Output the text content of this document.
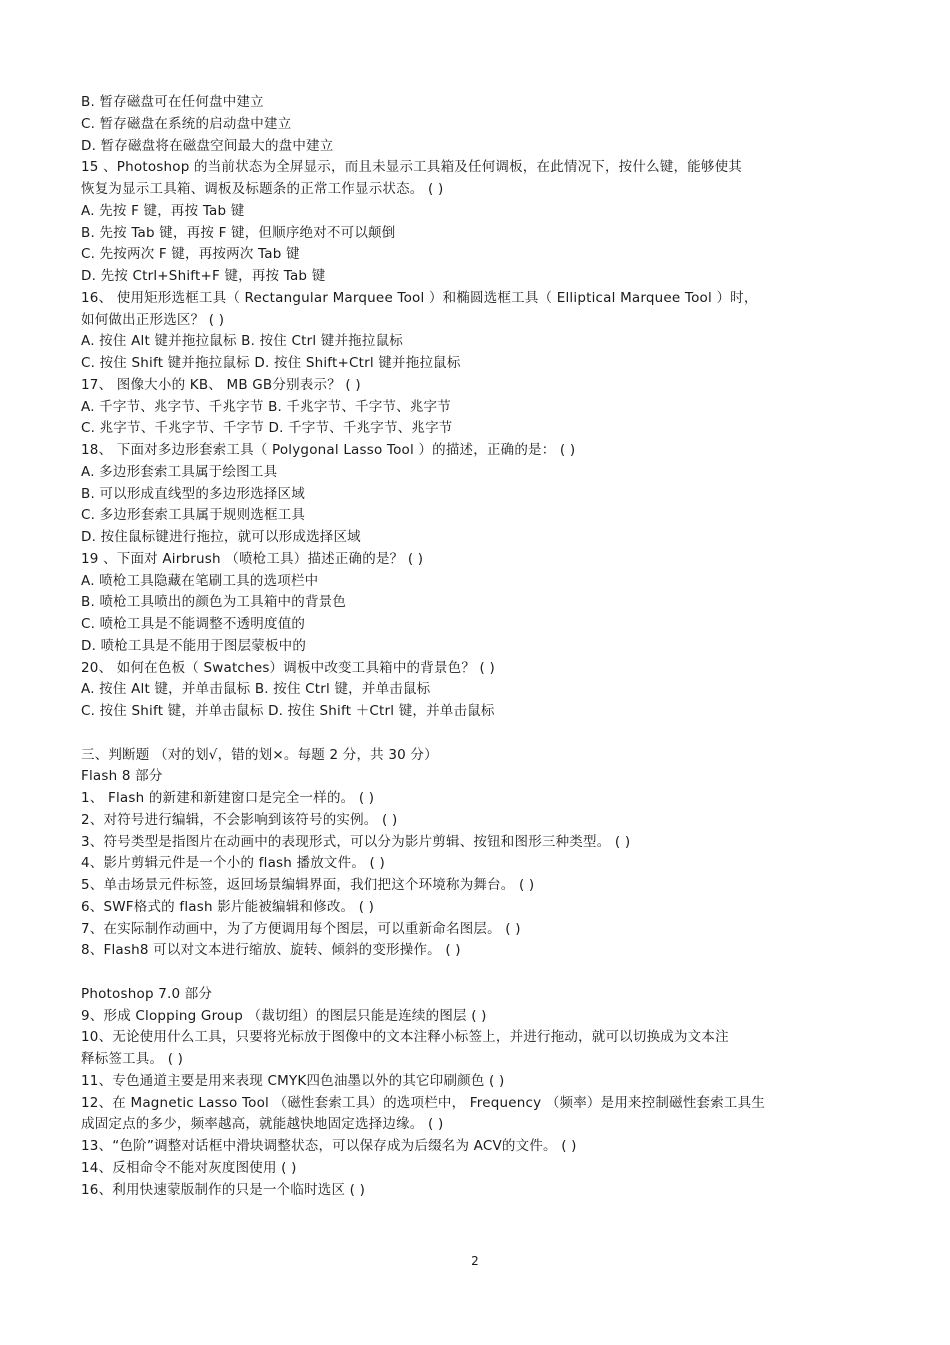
B. 暂存磁盘可在任何盘中建立
C. 暂存磁盘在系统的启动盘中建立
D. 暂存磁盘将在磁盘空间最大的盘中建立
15 、Photoshop 的当前状态为全屏显示，而且未显示工具箱及任何调板，在此情况下，按什么键，能够使其
恢复为显示工具箱、调板及标题条的正常工作显示状态。 ( )
A. 先按 F 键，再按 Tab 键
B. 先按 Tab 键，再按 F 键，但顺序绝对不可以颠倒
C. 先按两次 F 键，再按两次 Tab 键
D. 先按 Ctrl+Shift+F 键，再按 Tab 键
16、 使用矩形选框工具（ Rectangular Marquee Tool ）和椭圆选框工具（ Elliptical Marquee Tool ）时，
如何做出正形选区？ ( )
A. 按住 Alt 键并拖拉鼠标 B. 按住 Ctrl 键并拖拉鼠标
C. 按住 Shift 键并拖拉鼠标 D. 按住 Shift+Ctrl 键并拖拉鼠标
17、 图像大小的 KB、 MB GB分别表示？ ( )
A. 千字节、兆字节、千兆字节 B. 千兆字节、千字节、兆字节
C. 兆字节、千兆字节、千字节 D. 千字节、千兆字节、兆字节
18、 下面对多边形套索工具（ Polygonal Lasso Tool ）的描述，正确的是： ( )
A. 多边形套索工具属于绘图工具
B. 可以形成直线型的多边形选择区域
C. 多边形套索工具属于规则选框工具
D. 按住鼠标键进行拖拉，就可以形成选择区域
19 、下面对 Airbrush （喷枪工具）描述正确的是？ ( )
A. 喷枪工具隐藏在笔刷工具的选项栏中
B. 喷枪工具喷出的颜色为工具箱中的背景色
C. 喷枪工具是不能调整不透明度值的
D. 喷枪工具是不能用于图层蒙板中的
20、 如何在色板（ Swatches）调板中改变工具箱中的背景色？ ( )
A. 按住 Alt 键，并单击鼠标 B. 按住 Ctrl 键，并单击鼠标
C. 按住 Shift 键，并单击鼠标 D. 按住 Shift ＋Ctrl 键，并单击鼠标
三、判断题 （对的划√，错的划×。每题 2 分，共 30 分）
Flash 8 部分
1、 Flash 的新建和新建窗口是完全一样的。 ( )
2、对符号进行编辑，不会影响到该符号的实例。 ( )
3、符号类型是指图片在动画中的表现形式，可以分为影片剪辑、按钮和图形三种类型。 ( )
4、影片剪辑元件是一个小的 flash 播放文件。 ( )
5、单击场景元件标签，返回场景编辑界面，我们把这个环境称为舞台。 ( )
6、SWF格式的 flash 影片能被编辑和修改。 ( )
7、在实际制作动画中，为了方便调用每个图层，可以重新命名图层。 ( )
8、Flash8 可以对文本进行缩放、旋转、倾斜的变形操作。 ( )
Photoshop 7.0 部分
9、形成 Clopping Group （裁切组）的图层只能是连续的图层 ( )
10、无论使用什么工具，只要将光标放于图像中的文本注释小标签上，并进行拖动，就可以切换成为文本注
释标签工具。 ( )
11、专色通道主要是用来表现 CMYK四色油墨以外的其它印刷颜色 ( )
12、在 Magnetic Lasso Tool （磁性套索工具）的选项栏中， Frequency （频率）是用来控制磁性套索工具生
成固定点的多少，频率越高，就能越快地固定选择边缘。 ( )
13、“色阶”调整对话框中滑块调整状态，可以保存成为后缀名为 ACV的文件。 ( )
14、反相命令不能对灰度图使用 ( )
16、利用快速蒙版制作的只是一个临时选区 ( )
2
